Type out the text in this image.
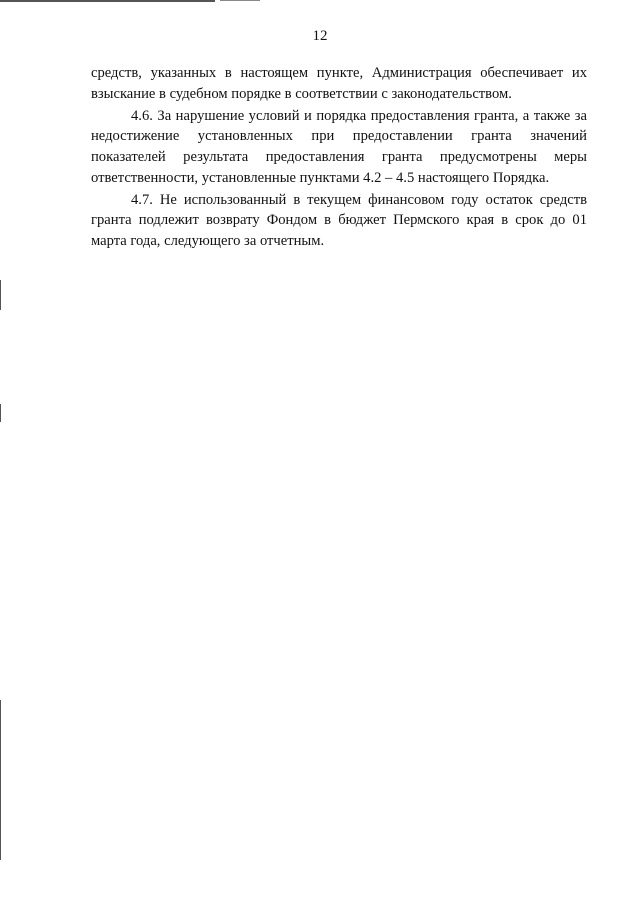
12

средств, указанных в настоящем пункте, Администрация обеспечивает их взыскание в судебном порядке в соответствии с законодательством.

4.6. За нарушение условий и порядка предоставления гранта, а также за недостижение установленных при предоставлении гранта значений показателей результата предоставления гранта предусмотрены меры ответственности, установленные пунктами 4.2 – 4.5 настоящего Порядка.

4.7. Не использованный в текущем финансовом году остаток средств гранта подлежит возврату Фондом в бюджет Пермского края в срок до 01 марта года, следующего за отчетным.
